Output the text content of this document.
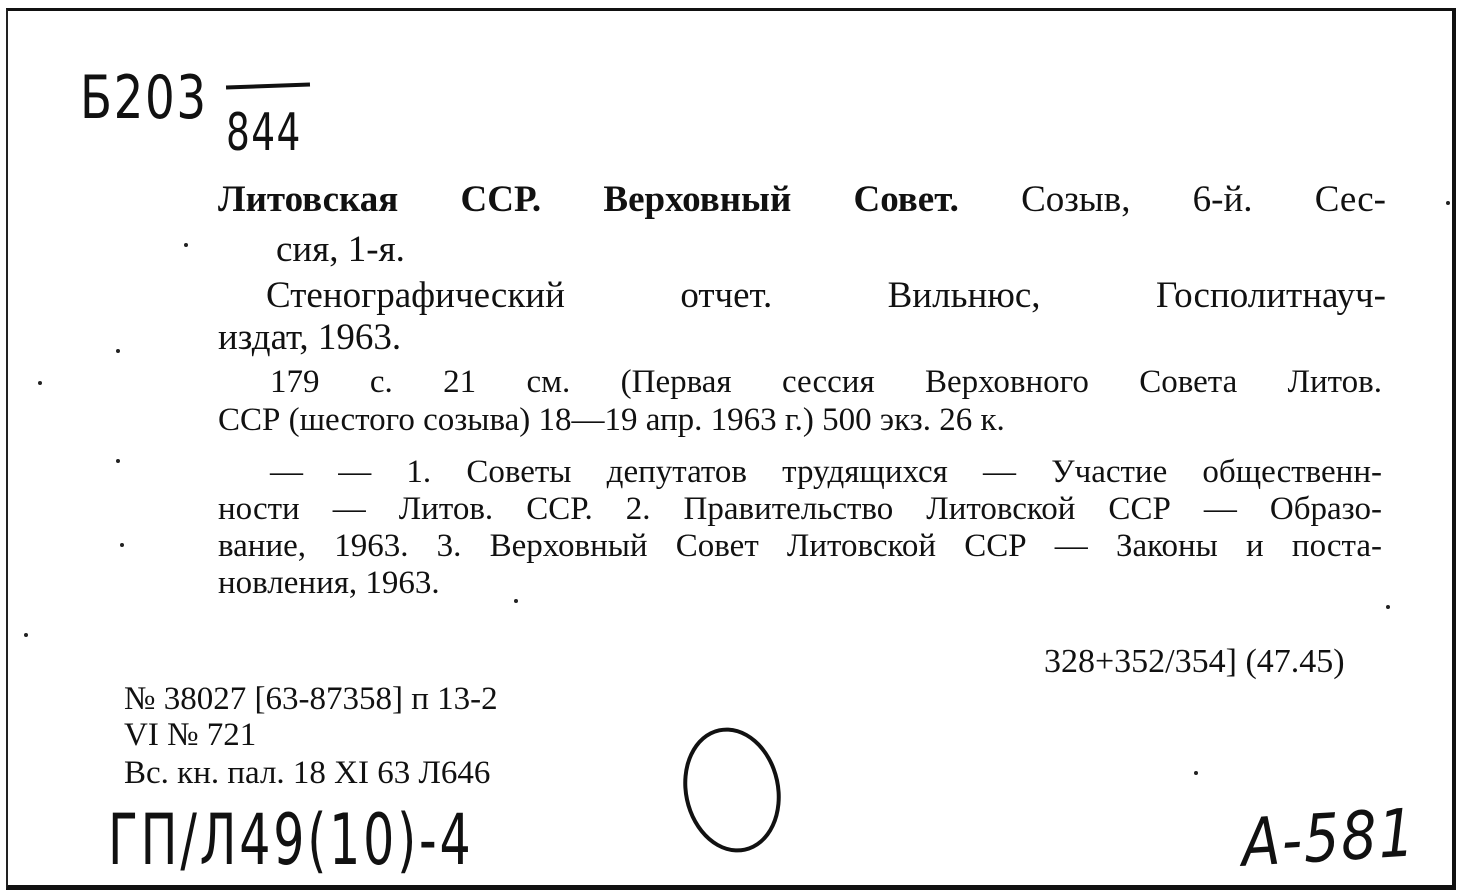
Б203 844
Литовская ССР. Верховный Совет. Созыв, 6-й. Сес-
сия, 1-я.
Стенографический отчет. Вильнюс, Госполитнауч-
издат, 1963.
179 с. 21 см. (Первая сессия Верховного Совета Литов.
ССР (шестого созыва) 18—19 апр. 1963 г.) 500 экз. 26 к.
— — 1. Советы депутатов трудящихся — Участие общественн-
ности — Литов. ССР. 2. Правительство Литовской ССР — Образо-
вание, 1963. 3. Верховный Совет Литовской ССР — Законы и поста-
новления, 1963.
328+352/354] (47.45)
№ 38027 [63-87358] п 13-2
VI № 721
Вс. кн. пал. 18 XI 63 Л646
ГП/Л49(10)-4	A-581
